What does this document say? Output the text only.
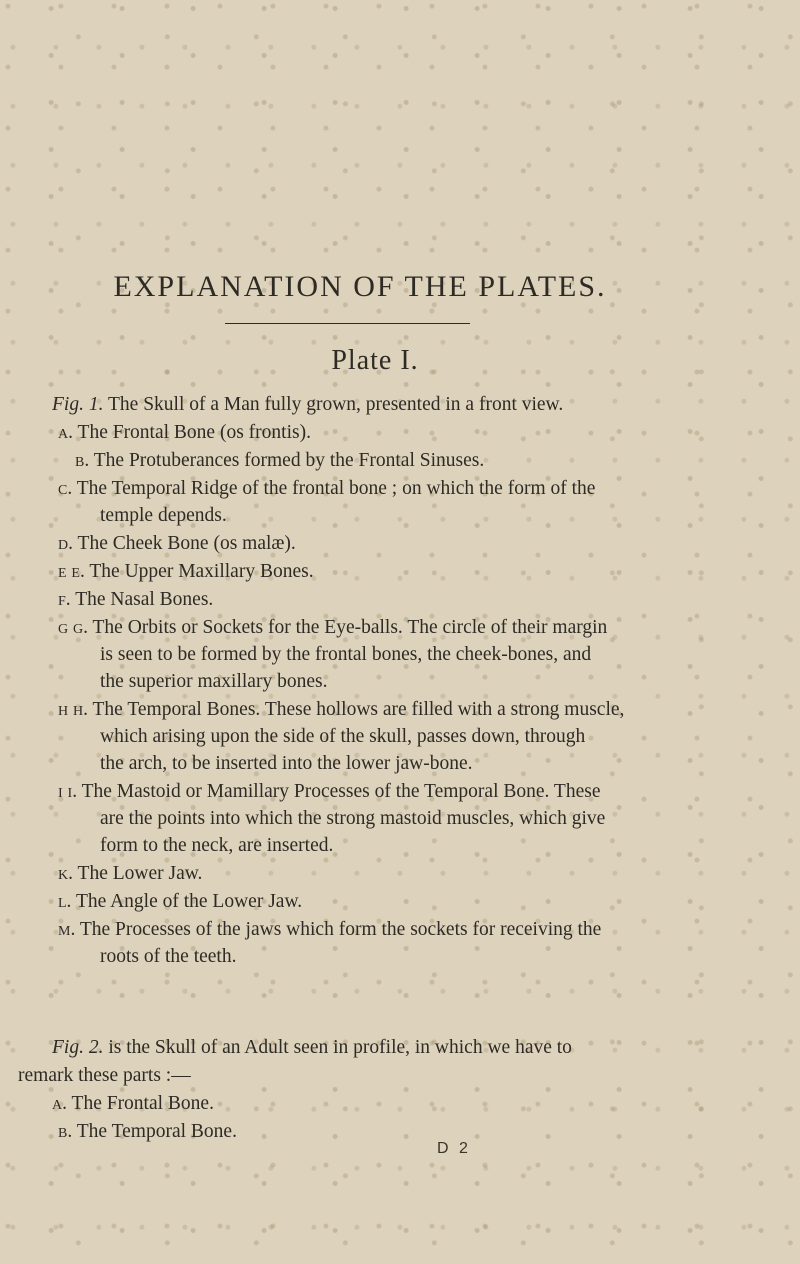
EXPLANATION OF THE PLATES.
Plate I.

Fig. 1. The Skull of a Man fully grown, presented in a front view.

a. The Frontal Bone (os frontis).

b. The Protuberances formed by the Frontal Sinuses.

c. The Temporal Ridge of the frontal bone ; on which the form of the

temple depends.

d. The Cheek Bone (os malæ).

e e. The Upper Maxillary Bones.

f. The Nasal Bones.

g g. The Orbits or Sockets for the Eye-balls. The circle of their margin

is seen to be formed by the frontal bones, the cheek-bones, and

the superior maxillary bones.

h h. The Temporal Bones. These hollows are filled with a strong muscle,

which arising upon the side of the skull, passes down, through

the arch, to be inserted into the lower jaw-bone.

i i. The Mastoid or Mamillary Processes of the Temporal Bone. These

are the points into which the strong mastoid muscles, which give

form to the neck, are inserted.

k. The Lower Jaw.

l. The Angle of the Lower Jaw.

m. The Processes of the jaws which form the sockets for receiving the

roots of the teeth.

Fig. 2. is the Skull of an Adult seen in profile, in which we have to

remark these parts :—

a. The Frontal Bone.

b. The Temporal Bone.

D 2
